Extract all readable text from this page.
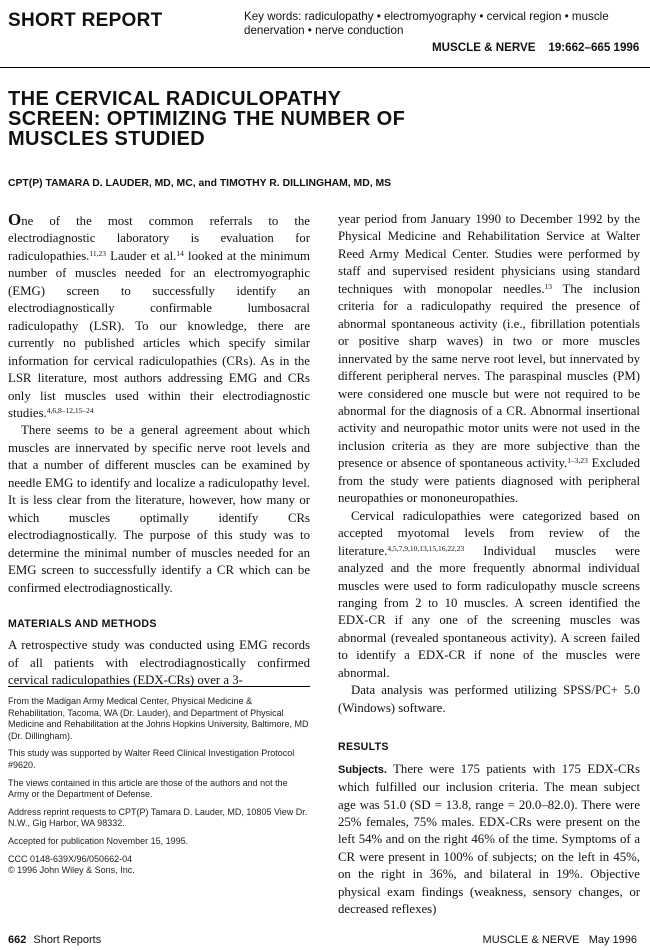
SHORT REPORT	Key words: radiculopathy • electromyography • cervical region • muscle denervation • nerve conduction
MUSCLE & NERVE 19:662–665 1996
THE CERVICAL RADICULOPATHY SCREEN: OPTIMIZING THE NUMBER OF MUSCLES STUDIED
CPT(P) TAMARA D. LAUDER, MD, MC, and TIMOTHY R. DILLINGHAM, MD, MS

One of the most common referrals to the electrodiagnostic laboratory is evaluation for radiculopathies.$^{11,23}$ Lauder et al.$^{14}$ looked at the minimum number of muscles needed for an electromyographic (EMG) screen to successfully identify an electrodiagnostically confirmable lumbosacral radiculopathy (LSR). To our knowledge, there are currently no published articles which specify similar information for cervical radiculopathies (CRs). As in the LSR literature, most authors addressing EMG and CRs only list muscles used within their electrodiagnostic studies.$^{4,6,8-12,15-24}$

There seems to be a general agreement about which muscles are innervated by specific nerve root levels and that a number of different muscles can be examined by needle EMG to identify and localize a radiculopathy level. It is less clear from the literature, however, how many or which muscles optimally identify CRs electrodiagnostically. The purpose of this study was to determine the minimal number of muscles needed for an EMG screen to successfully identify a CR which can be confirmed electrodiagnostically.

MATERIALS AND METHODS

A retrospective study was conducted using EMG records of all patients with electrodiagnostically confirmed cervical radiculopathies (EDX-CRs) over a 3-

year period from January 1990 to December 1992 by the Physical Medicine and Rehabilitation Service at Walter Reed Army Medical Center. Studies were performed by staff and supervised resident physicians using standard techniques with monopolar needles.$^{13}$ The inclusion criteria for a radiculopathy required the presence of abnormal spontaneous activity (i.e., fibrillation potentials or positive sharp waves) in two or more muscles innervated by the same nerve root level, but innervated by different peripheral nerves. The paraspinal muscles (PM) were considered one muscle but were not required to be abnormal for the diagnosis of a CR. Abnormal insertional activity and neuropathic motor units were not used in the inclusion criteria as they are more subjective than the presence or absence of spontaneous activity.$^{1-3,23}$ Excluded from the study were patients diagnosed with peripheral neuropathies or mononeuropathies.

Cervical radiculopathies were categorized based on accepted myotomal levels from review of the literature.$^{4,5,7,9,10,13,15,16,22,23}$ Individual muscles were analyzed and the more frequently abnormal individual muscles were used to form radiculopathy muscle screens ranging from 2 to 10 muscles. A screen identified the EDX-CR if any one of the screening muscles was abnormal (revealed spontaneous activity). A screen failed to identify a EDX-CR if none of the muscles were abnormal.

Data analysis was performed utilizing SPSS/PC+ 5.0 (Windows) software.

RESULTS

Subjects. There were 175 patients with 175 EDX-CRs which fulfilled our inclusion criteria. The mean subject age was 51.0 (SD = 13.8, range = 20.0–82.0). There were 25% females, 75% males. EDX-CRs were present on the left 54% and on the right 46% of the time. Symptoms of a CR were present in 100% of subjects; on the left in 45%, on the right in 36%, and bilateral in 19%. Objective physical exam findings (weakness, sensory changes, or decreased reflexes)

From the Madigan Army Medical Center, Physical Medicine & Rehabilitation, Tacoma, WA (Dr. Lauder), and Department of Physical Medicine and Rehabilitation at the Johns Hopkins University, Baltimore, MD (Dr. Dillingham).

This study was supported by Walter Reed Clinical Investigation Protocol #9620.

The views contained in this article are those of the authors and not the Army or the Department of Defense.

Address reprint requests to CPT(P) Tamara D. Lauder, MD, 10805 View Dr. N.W., Gig Harbor, WA 98332.

Accepted for publication November 15, 1995.

CCC 0148-639X/96/050662-04

© 1996 John Wiley & Sons, Inc.

662 Short Reports	MUSCLE & NERVE   May 1996
